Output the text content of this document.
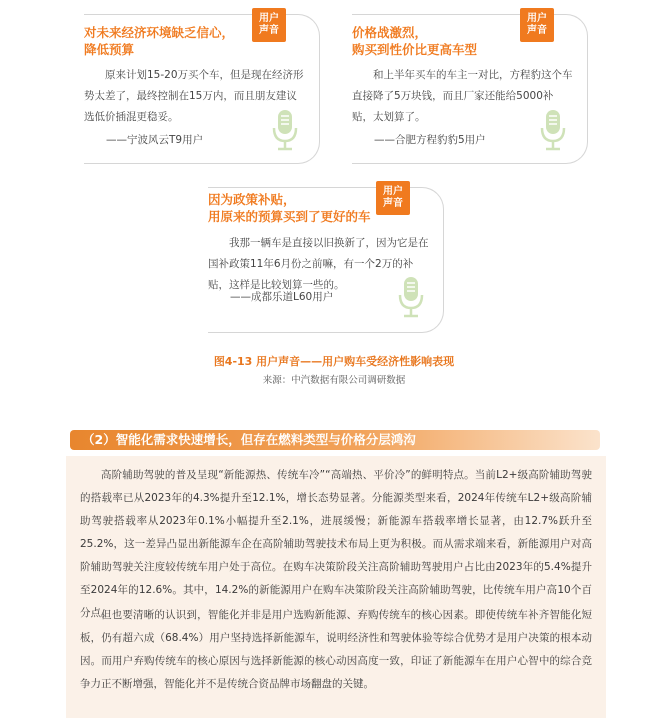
用户
声音
对未来经济环境缺乏信心，
降低预算
原来计划15-20万买个车，但是现在经济形势太差了，最终控制在15万内，而且朋友建议选低价插混更稳妥。
——宁波风云T9用户
用户
声音
价格战激烈，
购买到性价比更高车型
和上半年买车的车主一对比，方程豹这个车直接降了5万块钱，而且厂家还能给5000补贴，太划算了。
——合肥方程豹豹5用户
用户
声音
因为政策补贴，
用原来的预算买到了更好的车
我那一辆车是直接以旧换新了，因为它是在国补政策11年6月份之前嘛，有一个2万的补贴，这样是比较划算一些的。
——成都乐道L60用户
图4-13 用户声音——用户购车受经济性影响表现
来源：中汽数据有限公司调研数据
（2）智能化需求快速增长，但存在燃料类型与价格分层鸿沟
高阶辅助驾驶的普及呈现“新能源热、传统车冷”“高端热、平价冷”的鲜明特点。当前L2+级高阶辅助驾驶的搭载率已从2023年的4.3%提升至12.1%，增长态势显著。分能源类型来看，2024年传统车L2+级高阶辅助驾驶搭载率从2023年0.1%小幅提升至2.1%，进展缓慢；新能源车搭载率增长显著，由12.7%跃升至25.2%，这一差异凸显出新能源车企在高阶辅助驾驶技术布局上更为积极。而从需求端来看，新能源用户对高阶辅助驾驶关注度较传统车用户处于高位。在购车决策阶段关注高阶辅助驾驶用户占比由2023年的5.4%提升至2024年的12.6%。其中，14.2%的新能源用户在购车决策阶段关注高阶辅助驾驶，比传统车用户高10个百分点。
但也要清晰的认识到，智能化并非是用户选购新能源、弃购传统车的核心因素。即使传统车补齐智能化短板，仍有超六成（68.4%）用户坚持选择新能源车，说明经济性和驾驶体验等综合优势才是用户决策的根本动因。而用户弃购传统车的核心原因与选择新能源的核心动因高度一致，印证了新能源车在用户心智中的综合竞争力正不断增强，智能化并不是传统合资品牌市场翻盘的关键。
